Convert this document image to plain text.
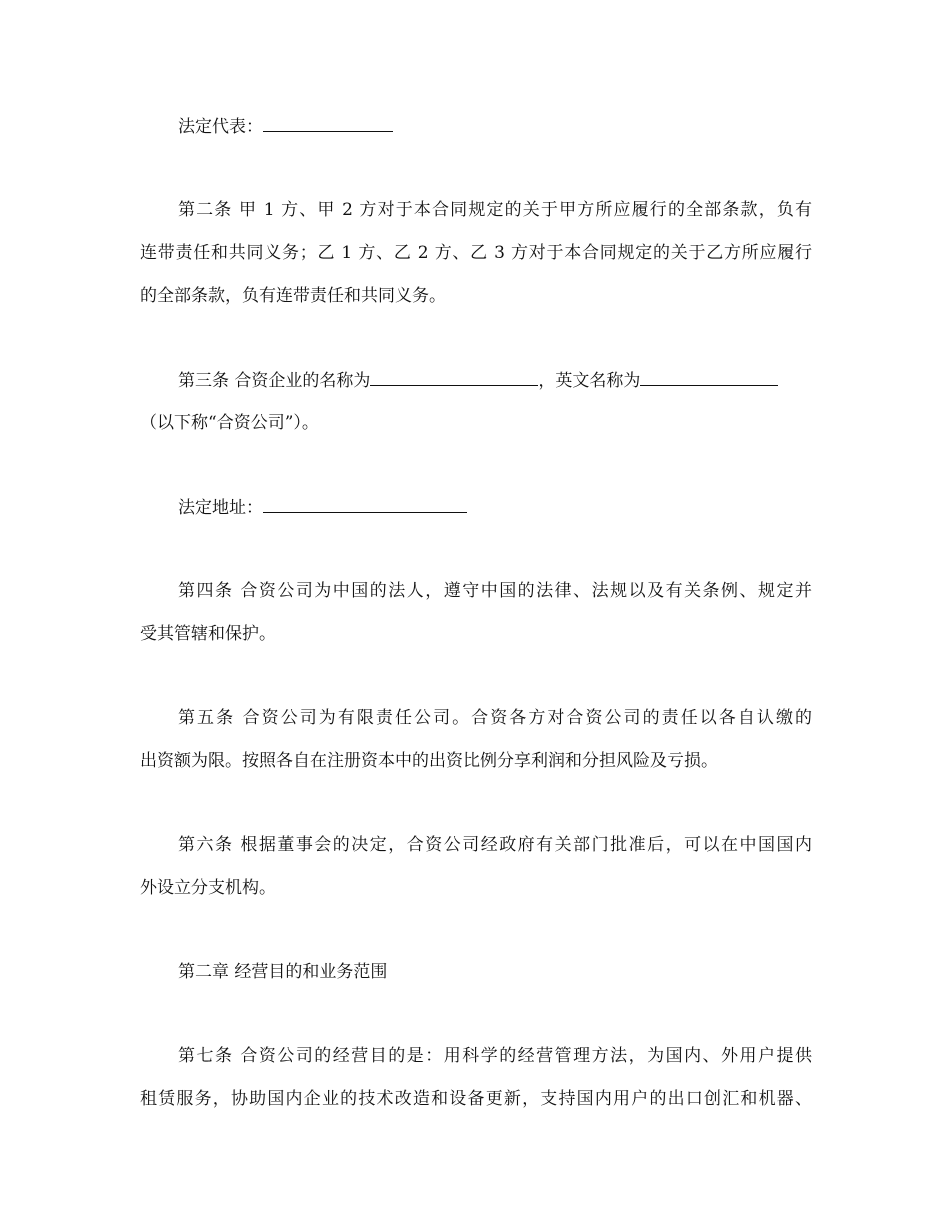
法定代表：
第二条 甲 1 方、甲 2 方对于本合同规定的关于甲方所应履行的全部条款，负有
连带责任和共同义务；乙 1 方、乙 2 方、乙 3 方对于本合同规定的关于乙方所应履行
的全部条款，负有连带责任和共同义务。
第三条 合资企业的名称为	，英文名称为
（以下称“合资公司”）。
法定地址：
第四条 合资公司为中国的法人，遵守中国的法律、法规以及有关条例、规定并
受其管辖和保护。
第五条 合资公司为有限责任公司。合资各方对合资公司的责任以各自认缴的
出资额为限。按照各自在注册资本中的出资比例分享利润和分担风险及亏损。
第六条 根据董事会的决定，合资公司经政府有关部门批准后，可以在中国国内
外设立分支机构。
第二章 经营目的和业务范围
第七条 合资公司的经营目的是：用科学的经营管理方法，为国内、外用户提供
租赁服务，协助国内企业的技术改造和设备更新，支持国内用户的出口创汇和机器、
